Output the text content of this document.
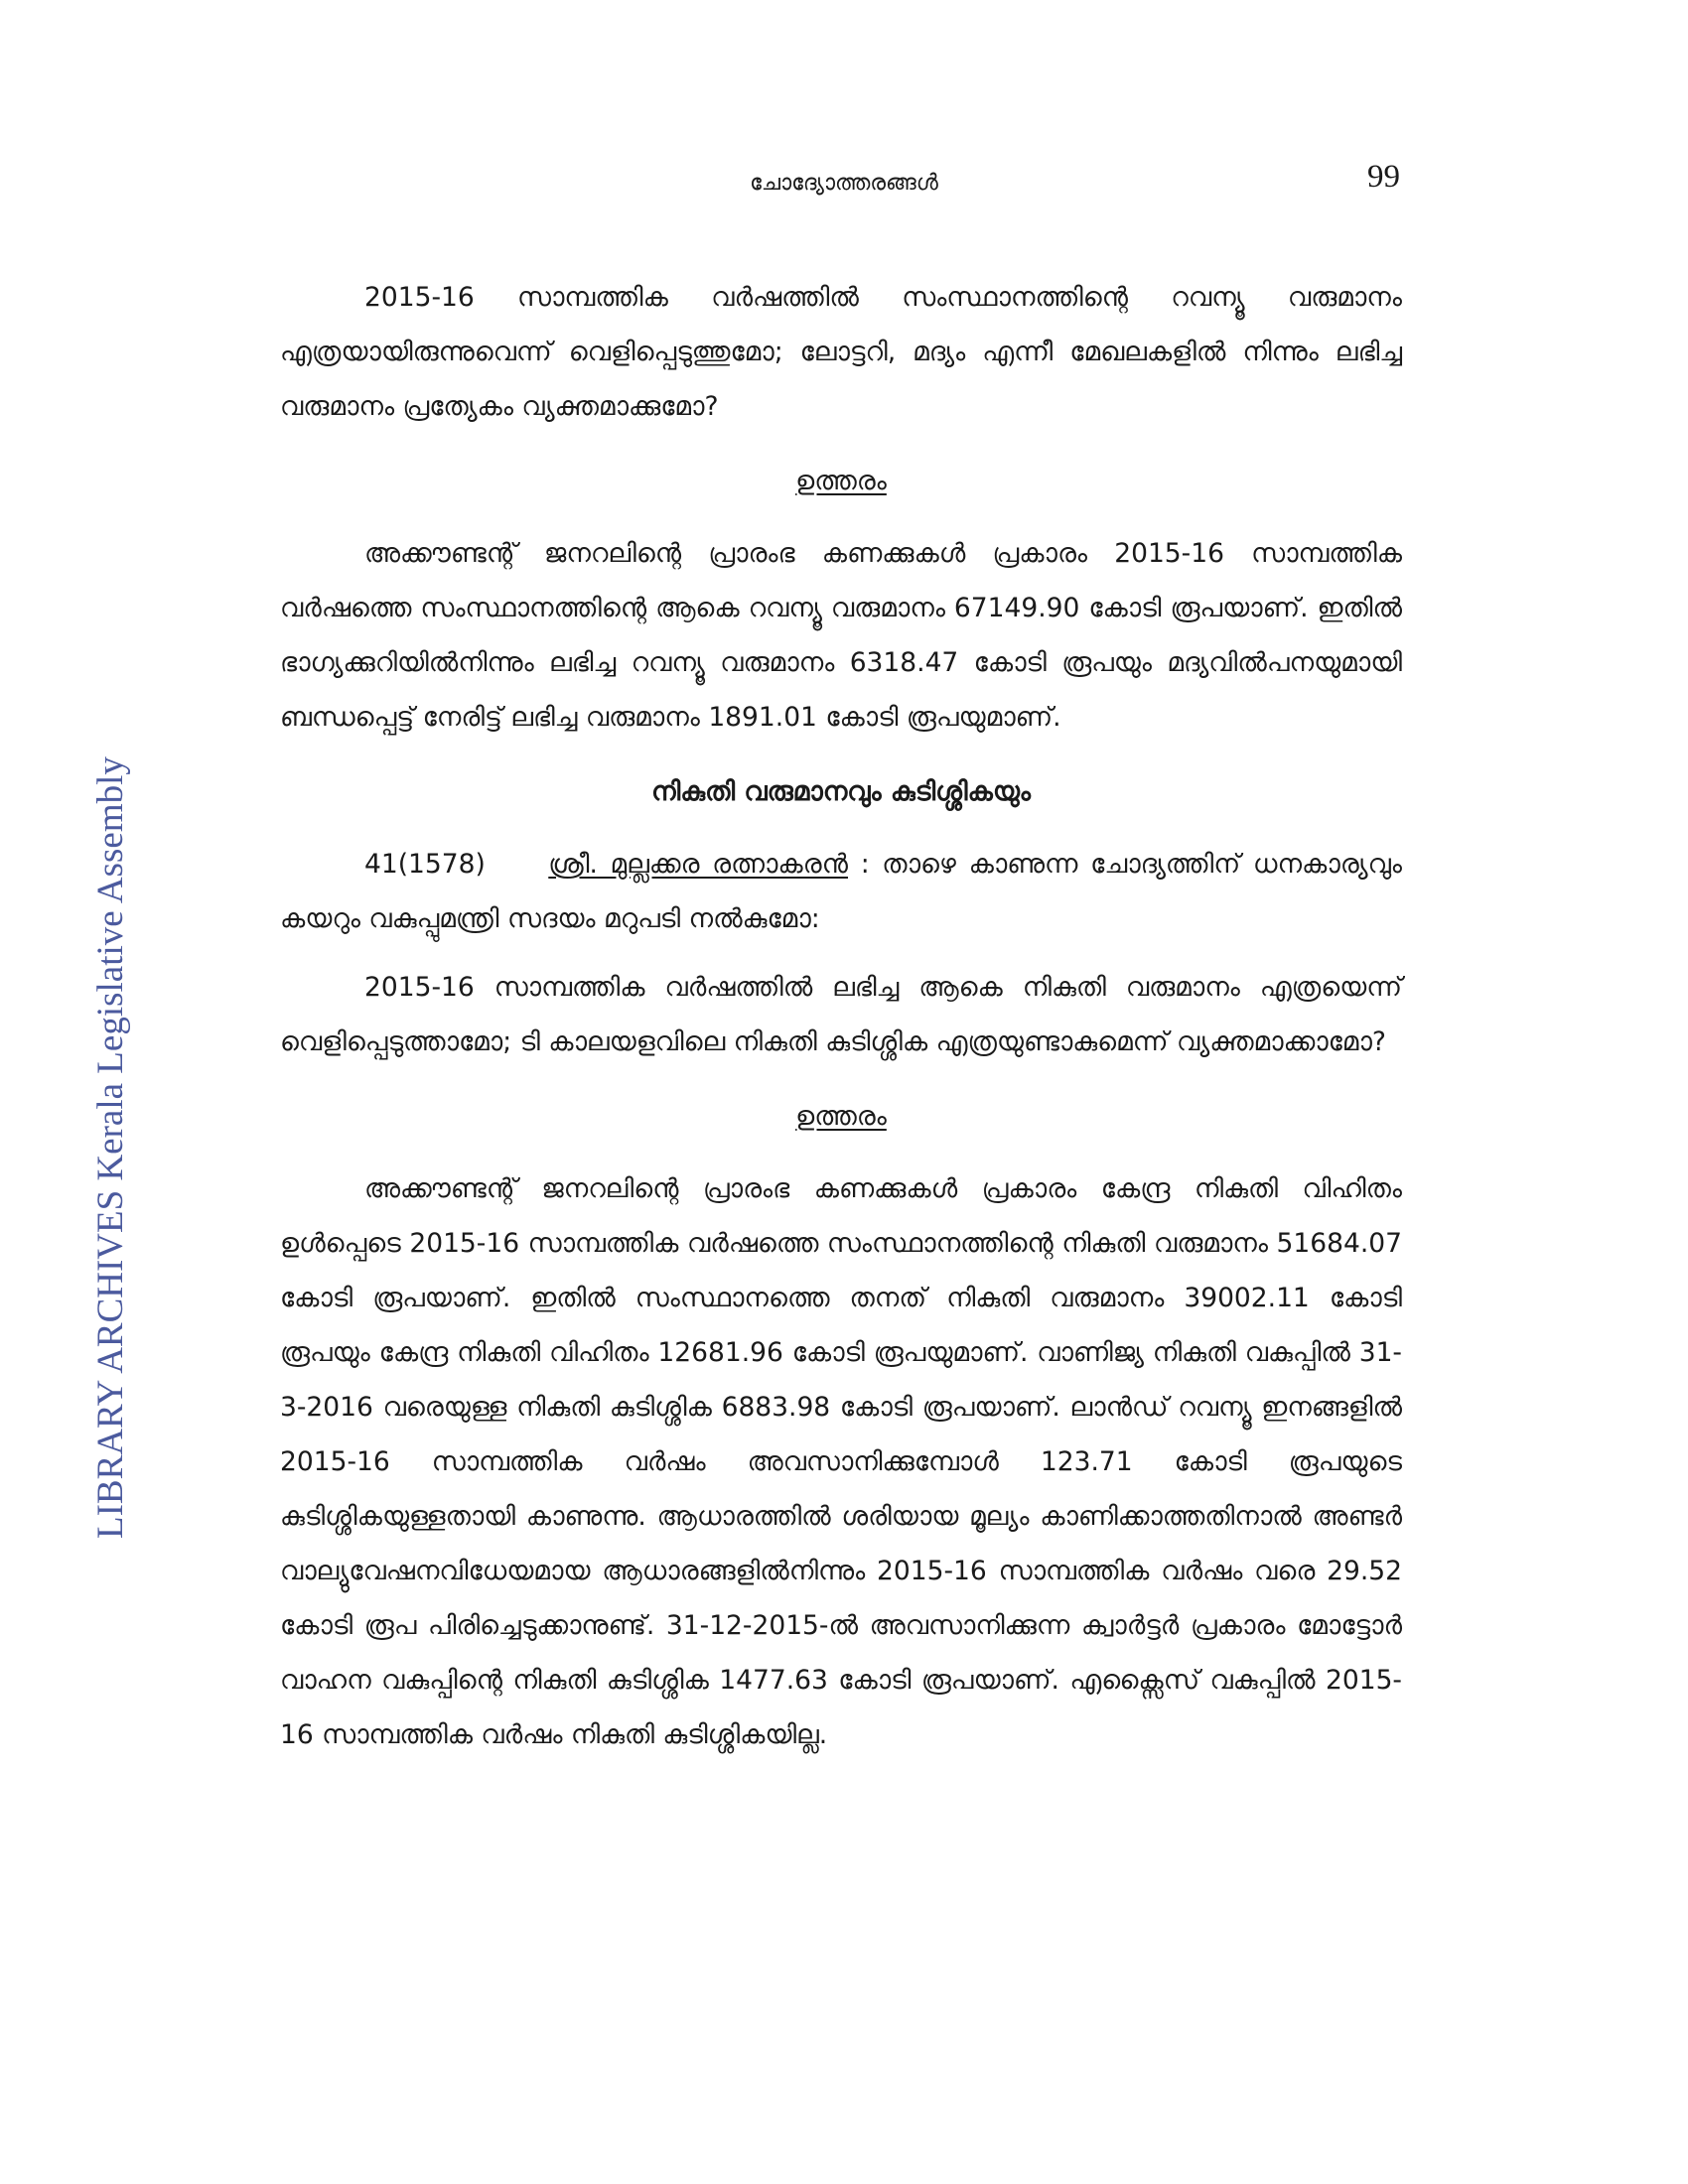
LIBRARY ARCHIVES Kerala Legislative Assembly
ചോദ്യോത്തരങ്ങൾ	99

2015-16 സാമ്പത്തിക വർഷത്തിൽ സംസ്ഥാനത്തിന്റെ റവന്യൂ വരുമാനം എത്രയായിരുന്നുവെന്ന് വെളിപ്പെടുത്തുമോ; ലോട്ടറി, മദ്യം എന്നീ മേഖലകളിൽ നിന്നും ലഭിച്ച വരുമാനം പ്രത്യേകം വ്യക്തമാക്കുമോ?

ഉത്തരം

അക്കൗണ്ടന്റ് ജനറലിന്റെ പ്രാരംഭ കണക്കുകൾ പ്രകാരം 2015-16 സാമ്പത്തിക വർഷത്തെ സംസ്ഥാനത്തിന്റെ ആകെ റവന്യൂ വരുമാനം 67149.90 കോടി രൂപയാണ്. ഇതിൽ ഭാഗ്യക്കുറിയിൽനിന്നും ലഭിച്ച റവന്യൂ വരുമാനം 6318.47 കോടി രൂപയും മദ്യവിൽപനയുമായി ബന്ധപ്പെട്ട് നേരിട്ട് ലഭിച്ച വരുമാനം 1891.01 കോടി രൂപയുമാണ്.

നികുതി വരുമാനവും കുടിശ്ശികയും

41(1578) ശ്രീ. മുല്ലക്കര രത്നാകരൻ : താഴെ കാണുന്ന ചോദ്യത്തിന് ധനകാര്യവും കയറും വകുപ്പുമന്ത്രി സദയം മറുപടി നൽകുമോ:

2015-16 സാമ്പത്തിക വർഷത്തിൽ ലഭിച്ച ആകെ നികുതി വരുമാനം എത്രയെന്ന് വെളിപ്പെടുത്താമോ; ടി കാലയളവിലെ നികുതി കുടിശ്ശിക എത്രയുണ്ടാകുമെന്ന് വ്യക്തമാക്കാമോ?

ഉത്തരം

അക്കൗണ്ടന്റ് ജനറലിന്റെ പ്രാരംഭ കണക്കുകൾ പ്രകാരം കേന്ദ്ര നികുതി വിഹിതം ഉൾപ്പെടെ 2015-16 സാമ്പത്തിക വർഷത്തെ സംസ്ഥാനത്തിന്റെ നികുതി വരുമാനം 51684.07 കോടി രൂപയാണ്. ഇതിൽ സംസ്ഥാനത്തെ തനത് നികുതി വരുമാനം 39002.11 കോടി രൂപയും കേന്ദ്ര നികുതി വിഹിതം 12681.96 കോടി രൂപയുമാണ്. വാണിജ്യ നികുതി വകുപ്പിൽ 31-3-2016 വരെയുള്ള നികുതി കുടിശ്ശിക 6883.98 കോടി രൂപയാണ്. ലാൻഡ് റവന്യൂ ഇനങ്ങളിൽ 2015-16 സാമ്പത്തിക വർഷം അവസാനിക്കുമ്പോൾ 123.71 കോടി രൂപയുടെ കുടിശ്ശികയുള്ളതായി കാണുന്നു. ആധാരത്തിൽ ശരിയായ മൂല്യം കാണിക്കാത്തതിനാൽ അണ്ടർ വാല്യുവേഷനവിധേയമായ ആധാരങ്ങളിൽനിന്നും 2015-16 സാമ്പത്തിക വർഷം വരെ 29.52 കോടി രൂപ പിരിച്ചെടുക്കാനുണ്ട്. 31-12-2015-ൽ അവസാനിക്കുന്ന ക്വാർട്ടർ പ്രകാരം മോട്ടോർ വാഹന വകുപ്പിന്റെ നികുതി കുടിശ്ശിക 1477.63 കോടി രൂപയാണ്. എക്സൈസ് വകുപ്പിൽ 2015-16 സാമ്പത്തിക വർഷം നികുതി കുടിശ്ശികയില്ല.
